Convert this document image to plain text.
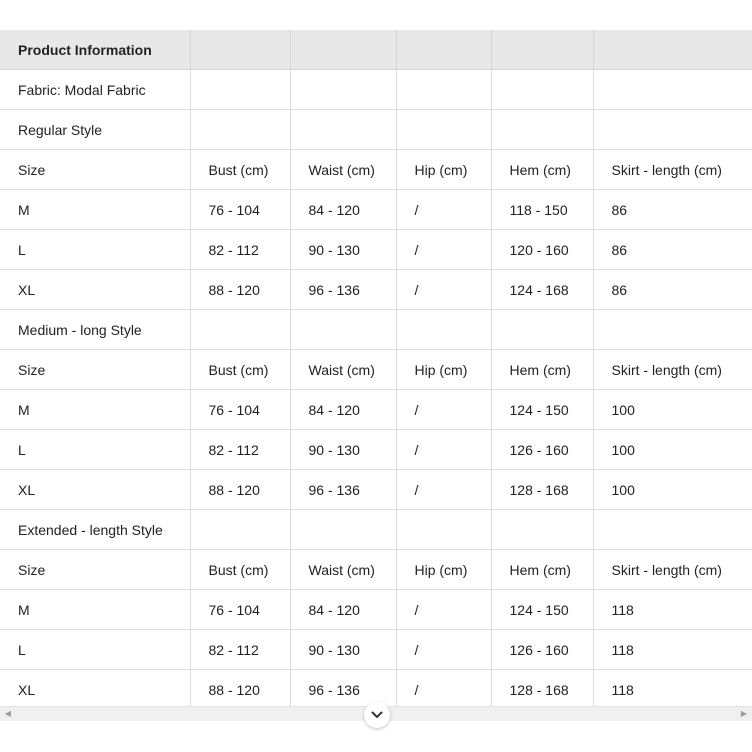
Product Information					
Fabric: Modal Fabric					
Regular Style					
Size	Bust (cm)	Waist (cm)	Hip (cm)	Hem (cm)	Skirt - length (cm)
M	76 - 104	84 - 120	/	118 - 150	86
L	82 - 112	90 - 130	/	120 - 160	86
XL	88 - 120	96 - 136	/	124 - 168	86
Medium - long Style					
Size	Bust (cm)	Waist (cm)	Hip (cm)	Hem (cm)	Skirt - length (cm)
M	76 - 104	84 - 120	/	124 - 150	100
L	82 - 112	90 - 130	/	126 - 160	100
XL	88 - 120	96 - 136	/	128 - 168	100
Extended - length Style					
Size	Bust (cm)	Waist (cm)	Hip (cm)	Hem (cm)	Skirt - length (cm)
M	76 - 104	84 - 120	/	124 - 150	118
L	82 - 112	90 - 130	/	126 - 160	118
XL	88 - 120	96 - 136	/	128 - 168	118
◀	▶
